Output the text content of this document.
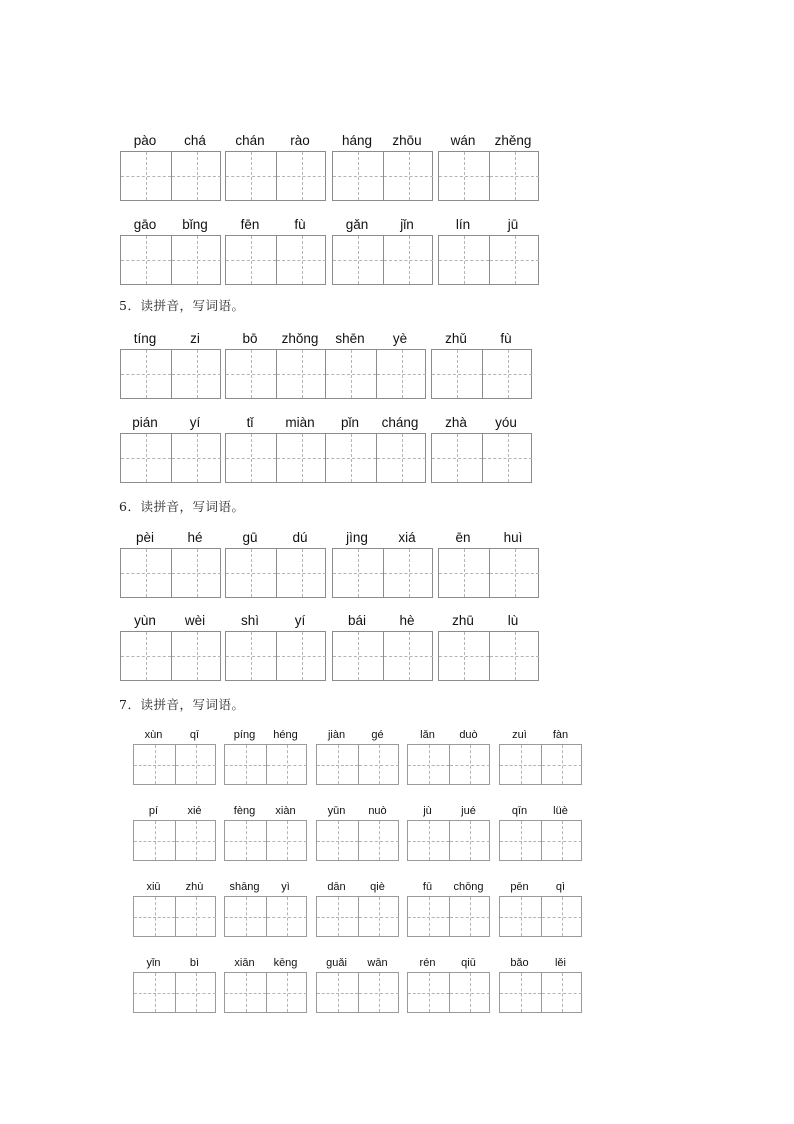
pào	chá	chán	rào	háng	zhōu	wán	zhěng
gāo	bǐng	fēn	fù	gǎn	jǐn	lín	jū
5．读拼音，写词语。
tíng	zi	bō	zhǒng	shēn	yè	zhǔ	fù
pián	yí	tǐ	miàn	pǐn	cháng	zhà	yóu
6．读拼音，写词语。
pèi	hé	gū	dú	jìng	xiá	ēn	huì
yùn	wèi	shì	yí	bái	hè	zhū	lù
7．读拼音，写词语。
xùn	qī	píng	héng	jiàn	gé	lǎn	duò	zuì	fàn
pí	xié	fèng	xiàn	yǔn	nuò	jù	jué	qīn	lüè
xiū	zhù	shāng	yì	dān	qiè	fū	chōng	pēn	qì
yǐn	bì	xiān	kēng	guǎi	wān	rén	qiū	bǎo	lěi
